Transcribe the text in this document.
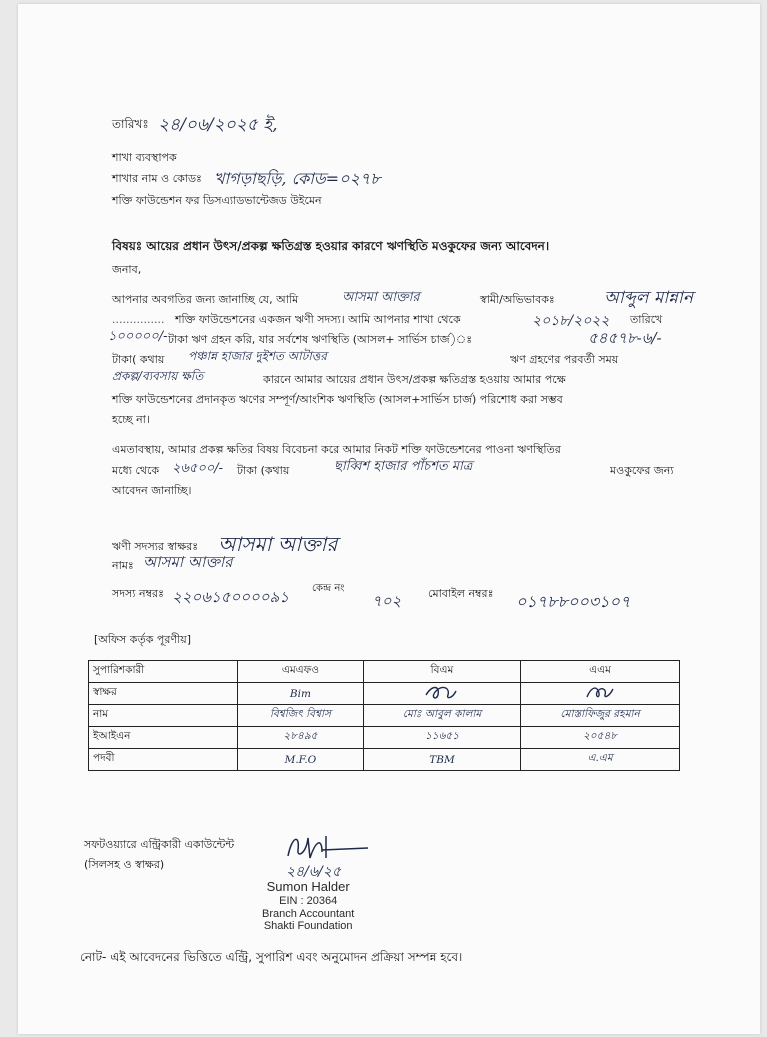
তারিখঃ ২৪/০৬/২০২৫ ই,
শাখা ব্যবস্থাপক
শাখার নাম ও কোডঃ খাগড়াছড়ি, কোড=০২৭৮
শক্তি ফাউন্ডেশন ফর ডিসএ্যাডভান্টেজড উইমেন
বিষয়ঃ আয়ের প্রধান উৎস/প্রকল্প ক্ষতিগ্রস্ত হওয়ার কারণে ঋণস্থিতি মওকুফের জন্য আবেদন।
জনাব,
আপনার অবগতির জন্য জানাচ্ছি যে, আমি	আসমা আক্তার	স্বামী/অভিভাবকঃ	আব্দুল মান্নান
............... শক্তি ফাউন্ডেশনের একজন ঋণী সদস্য। আমি আপনার শাখা থেকে	২০১৮/২০২২ তারিখে
১০০০০০/- টাকা ঋণ গ্রহন করি, যার সর্বশেষ ঋণস্থিতি (আসল+ সার্ভিস চার্জ)ঃ	৫৪৫৭৮-৬/-
টাকা( কথায় পঞ্চান্ন হাজার দুইশত আটাত্তর	ঋণ গ্রহণের পরবর্তী সময়
প্রকল্প/ব্যবসায় ক্ষতি	কারনে আমার আয়ের প্রধান উৎস/প্রকল্প ক্ষতিগ্রস্ত হওয়ায় আমার পক্ষে
শক্তি ফাউন্ডেশনের প্রদানকৃত ঋণের সম্পূর্ণ/আংশিক ঋণস্থিতি (আসল+সার্ভিস চার্জ) পরিশোধ করা সম্ভব
হচ্ছে না।
এমতাবস্থায়, আমার প্রকল্প ক্ষতির বিষয় বিবেচনা করে আমার নিকট শক্তি ফাউন্ডেশনের পাওনা ঋণস্থিতির
মধ্যে থেকে ২৬৫০০/- টাকা (কথায়	ছাব্বিশ হাজার পাঁচশত মাত্র	মওকুফের জন্য
আবেদন জানাচ্ছি।
ঋণী সদস্যর স্বাক্ষরঃ আসমা আক্তার
নামঃ আসমা আক্তার
সদস্য নম্বরঃ ২২০৬১৫০০০০৯১ কেন্দ্র নং
৭০২ মোবাইল নম্বরঃ ০১৭৮৮০০৩১০৭
[অফিস কর্তৃক পূরণীয়]
সুপারিশকারী	এমএফও	বিএম	এএম
স্বাক্ষর	Bim		
নাম	বিশ্বজিৎ বিশ্বাস	মোঃ আবুল কালাম	মোস্তাফিজুর রহমান
ইআইএন	২৮৪৯৫	১১৬৫১	২০৫৪৮
পদবী	M.F.O	TBM	এ.এম
সফটওয়্যারে এন্ট্রিকারী একাউন্টেন্ট
(সিলসহ ও স্বাক্ষর)	২৪/৬/২৫
Sumon Halder
EIN : 20364
Branch Accountant
Shakti Foundation
নোট- এই আবেদনের ভিত্তিতে এন্ট্রি, সুপারিশ এবং অনুমোদন প্রক্রিয়া সম্পন্ন হবে।
